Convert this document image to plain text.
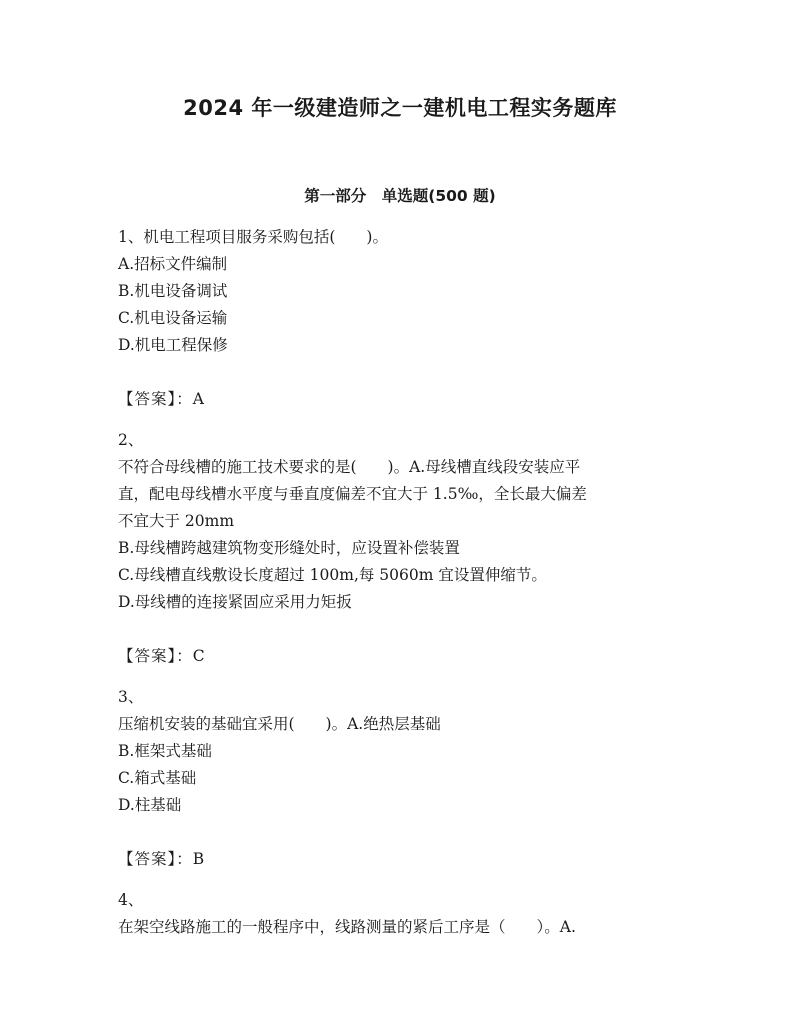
2024 年一级建造师之一建机电工程实务题库
第一部分　单选题(500 题)
1、机电工程项目服务采购包括(　　)。
A.招标文件编制
B.机电设备调试
C.机电设备运输
D.机电工程保修
【答案】：A
2、
不符合母线槽的施工技术要求的是(　　)。A.母线槽直线段安装应平
直，配电母线槽水平度与垂直度偏差不宜大于 1.5‰，全长最大偏差
不宜大于 20mm
B.母线槽跨越建筑物变形缝处时，应设置补偿装置
C.母线槽直线敷设长度超过 100m,每 5060m 宜设置伸缩节。
D.母线槽的连接紧固应采用力矩扳
【答案】：C
3、
压缩机安装的基础宜采用(　　)。A.绝热层基础
B.框架式基础
C.箱式基础
D.柱基础
【答案】：B
4、
在架空线路施工的一般程序中，线路测量的紧后工序是（　　）。A.
